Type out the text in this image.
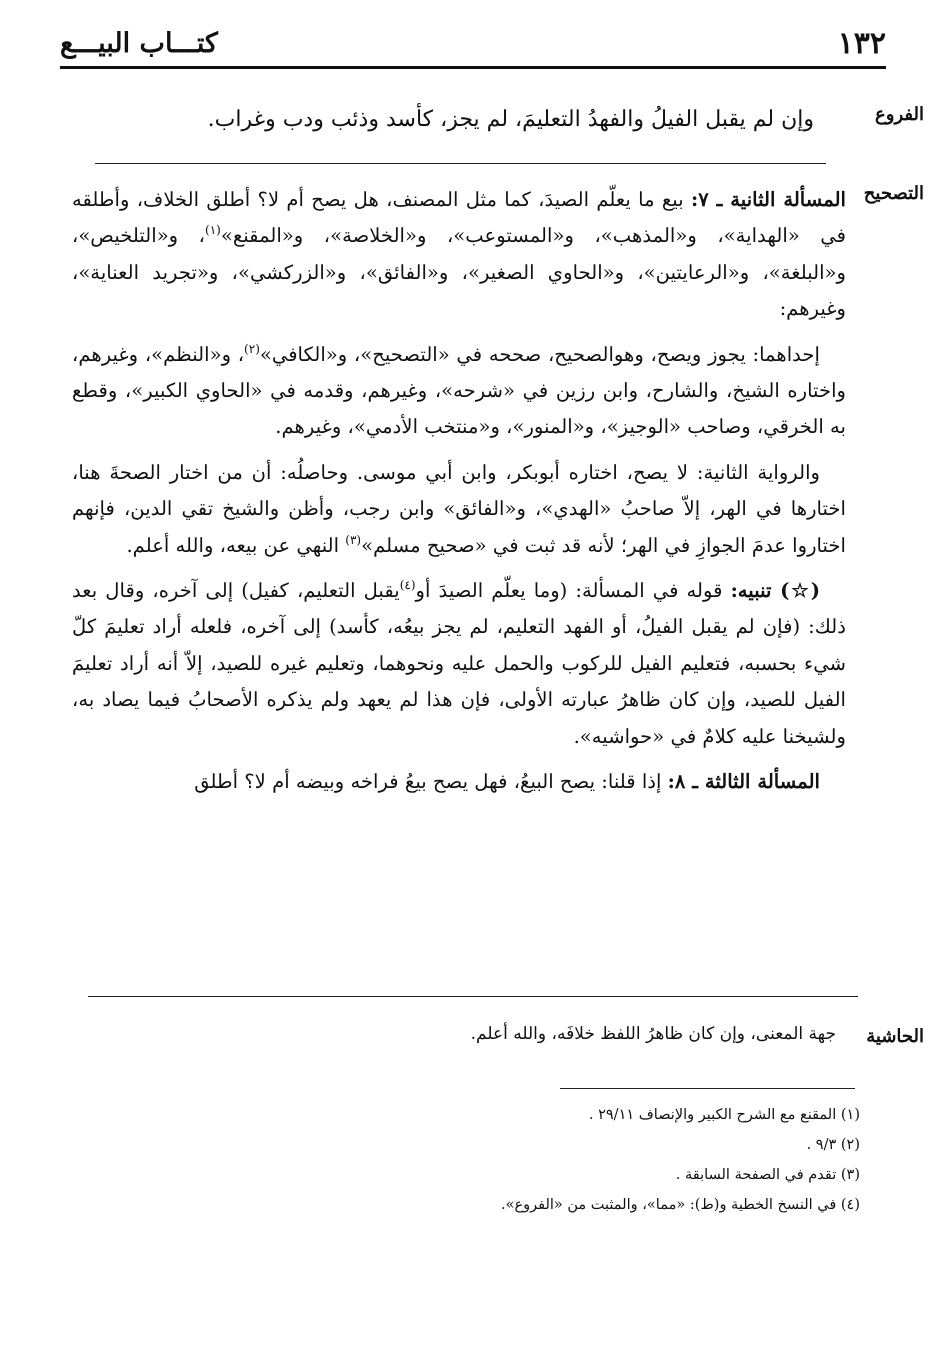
١٣٢
كتـــاب البيـــع
الفروع
وإن لم يقبل الفيلُ والفهدُ التعليمَ، لم يجز، كأسد وذئب ودب وغراب.
التصحيح

المسألة الثانية ـ ٧: بيع ما يعلّم الصيدَ، كما مثل المصنف، هل يصح أم لا؟ أطلق الخلاف، وأطلقه في «الهداية»، و«المذهب»، و«المستوعب»، و«الخلاصة»، و«المقنع»$^{(١)}$، و«التلخيص»، و«البلغة»، و«الرعايتين»، و«الحاوي الصغير»، و«الفائق»، و«الزركشي»، و«تجريد العناية»، وغيرهم:

إحداهما: يجوز ويصح، وهوالصحيح، صححه في «التصحيح»، و«الكافي»$^{(٢)}$، و«النظم»، وغيرهم، واختاره الشيخ، والشارح، وابن رزين في «شرحه»، وغيرهم، وقدمه في «الحاوي الكبير»، وقطع به الخرقي، وصاحب «الوجيز»، و«المنور»، و«منتخب الأدمي»، وغيرهم.

والرواية الثانية: لا يصح، اختاره أبوبكر، وابن أبي موسى. وحاصلُه: أن من اختار الصحةَ هنا، اختارها في الهر، إلاّ صاحبُ «الهدي»، و«الفائق» وابن رجب، وأظن والشيخ تقي الدين، فإنهم اختاروا عدمَ الجوازِ في الهر؛ لأنه قد ثبت في «صحيح مسلم»$^{(٣)}$ النهي عن بيعه، والله أعلم.

(☆) تنبيه: قوله في المسألة: (وما يعلّم الصيدَ أو$^{(٤)}$يقبل التعليم، كفيل) إلى آخره، وقال بعد ذلك: (فإن لم يقبل الفيلُ، أو الفهد التعليم، لم يجز بيعُه، كأسد) إلى آخره، فلعله أراد تعليمَ كلّ شيء بحسبه، فتعليم الفيل للركوب والحمل عليه ونحوهما، وتعليم غيره للصيد، إلاّ أنه أراد تعليمَ الفيل للصيد، وإن كان ظاهرُ عبارته الأولى، فإن هذا لم يعهد ولم يذكره الأصحابُ فيما يصاد به، ولشيخنا عليه كلامٌ في «حواشيه».

المسألة الثالثة ـ ٨: إذا قلنا: يصح البيعُ، فهل يصح بيعُ فراخه وبيضه أم لا؟ أطلق

الحاشية
جهة المعنى، وإن كان ظاهرُ اللفظ خلافَه، والله أعلم.
(١) المقنع مع الشرح الكبير والإنصاف ٢٩/١١ .
(٢) ٩/٣ .
(٣) تقدم في الصفحة السابقة .
(٤) في النسخ الخطية و(ط): «مما»، والمثبت من «الفروع».
